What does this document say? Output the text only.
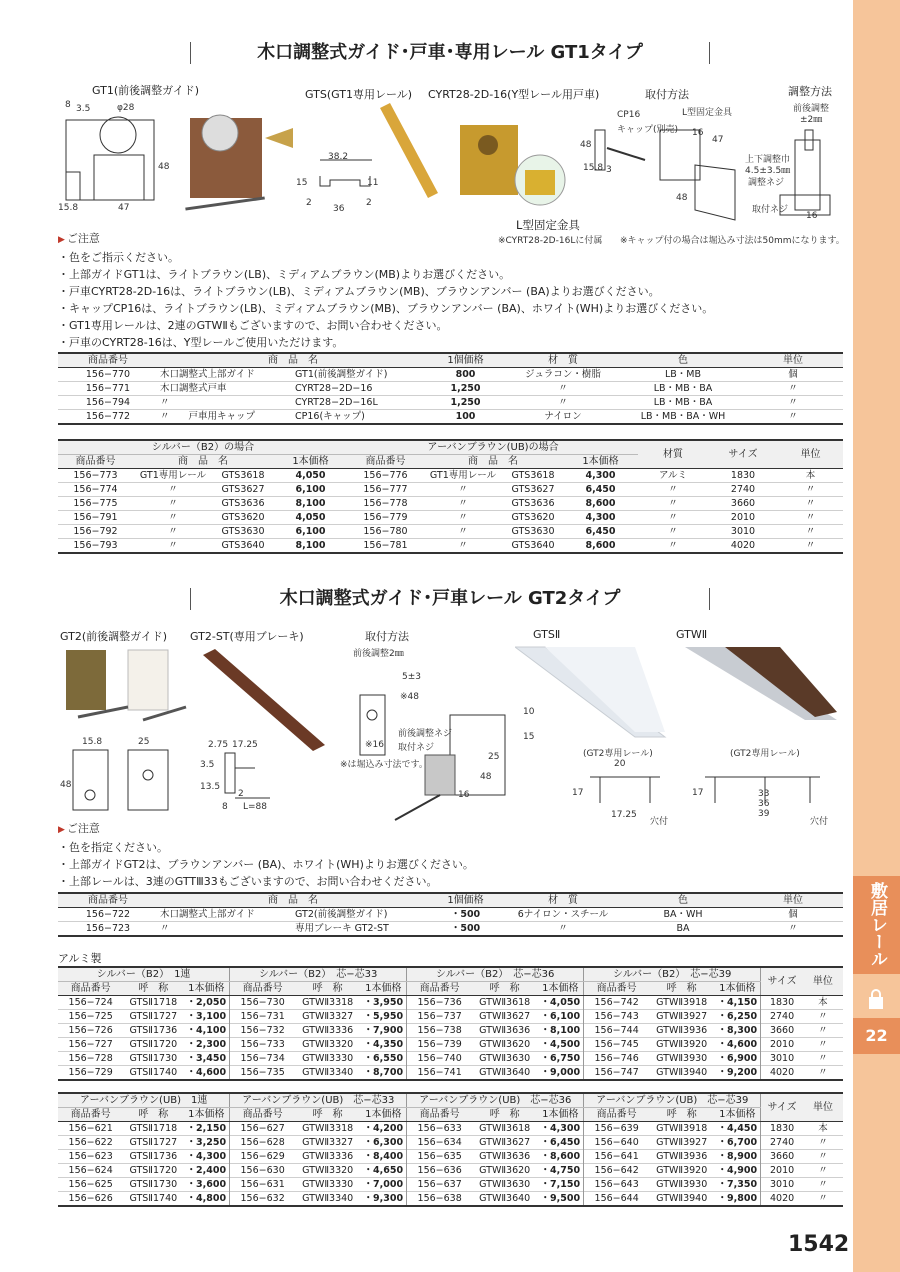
敷居レール
22
木口調整式ガイド･戸車･専用レール GT1タイプ
GT1(前後調整ガイド)	GTS(GT1専用レール) CYRT28-2D-16(Y型レール用戸車)	取付方法	調整方法
8 3.5	φ28
48
15.8	47
38.2
15	11
2
36
2
L型固定金具
※CYRT28-2D-16Lに付属
CP16
キャップ(別売)
L型固定金具
48
15.8 3
16
47
48
前後調整
±2㎜
上下調整巾
4.5±3.5㎜
調整ネジ
取付ネジ
16
※キャップ付の場合は堀込み寸法は50mmになります。
▶ ご注意
・色をご指示ください。
・上部ガイドGT1は、ライトブラウン(LB)、ミディアムブラウン(MB)よりお選びください。
・戸車CYRT28-2D-16は、ライトブラウン(LB)、ミディアムブラウン(MB)、ブラウンアンバー (BA)よりお選びください。
・キャップCP16は、ライトブラウン(LB)、ミディアムブラウン(MB)、ブラウンアンバー (BA)、ホワイト(WH)よりお選びください。
・GT1専用レールは、2連のGTWⅡもございますので、お問い合わせください。
・戸車のCYRT28-16は、Y型レールご使用いただけます。
商品番号	商　品　名		1個価格	材　質	色	単位
156−770	木口調整式上部ガイド	GT1(前後調整ガイド)	800	ジュラコン・樹脂	LB・MB	個
156−771	木口調整式戸車	CYRT28−2D−16	1,250	〃	LB・MB・BA	〃
156−794	〃	CYRT28−2D−16L	1,250	〃	LB・MB・BA	〃
156−772	〃　　戸車用キャップ	CP16(キャップ)	100	ナイロン	LB・MB・BA・WH	〃
シルバー（B2）の場合				アーバンブラウン(UB)の場合				材質	サイズ	単位
商品番号	商　品　名		1本価格	商品番号	商　品　名		1本価格			
156−773	GT1専用レール	GTS3618	4,050	156−776	GT1専用レール	GTS3618	4,300	アルミ	1830	本
156−774	〃	GTS3627	6,100	156−777	〃	GTS3627	6,450	〃	2740	〃
156−775	〃	GTS3636	8,100	156−778	〃	GTS3636	8,600	〃	3660	〃
156−791	〃	GTS3620	4,050	156−779	〃	GTS3620	4,300	〃	2010	〃
156−792	〃	GTS3630	6,100	156−780	〃	GTS3630	6,450	〃	3010	〃
156−793	〃	GTS3640	8,100	156−781	〃	GTS3640	8,600	〃	4020	〃
木口調整式ガイド･戸車レール GT2タイプ
GT2(前後調整ガイド) GT2-ST(専用ブレーキ)	取付方法	GTSⅡ	GTWⅡ
15.8	25
48
2.75 17.25
3.5
13.5
2
8 L=88
前後調整2㎜
5±3
※48
前後調整ネジ
※16 取付ネジ
※は堀込み寸法です。
10
15
25
48
16
(GT2専用レール)	(GT2専用レール)
20
17
17.25
穴付
17	33
36
39
穴付
▶ ご注意
・色を指定ください。
・上部ガイドGT2は、ブラウンアンバー (BA)、ホワイト(WH)よりお選びください。
・上部レールは、3連のGTTⅢ33もございますので、お問い合わせください。
商品番号	商　品　名		1個価格	材　質	色	単位
156−722	木口調整式上部ガイド	GT2(前後調整ガイド)	・500	6ナイロン・スチール	BA・WH	個
156−723	〃	専用ブレーキ GT2-ST	・500	〃	BA	〃
アルミ製
シルバー（B2）　1連			シルバー（B2）　芯−芯33			シルバー（B2）　芯−芯36			シルバー（B2）　芯−芯39			サイズ	単位
商品番号	呼　称	1本価格	商品番号	呼　称	1本価格	商品番号	呼　称	1本価格	商品番号	呼　称	1本価格		
156−724	GTSⅡ1718	・2,050	156−730	GTWⅡ3318	・3,950	156−736	GTWⅡ3618	・4,050	156−742	GTWⅡ3918	・4,150	1830	本
156−725	GTSⅡ1727	・3,100	156−731	GTWⅡ3327	・5,950	156−737	GTWⅡ3627	・6,100	156−743	GTWⅡ3927	・6,250	2740	〃
156−726	GTSⅡ1736	・4,100	156−732	GTWⅡ3336	・7,900	156−738	GTWⅡ3636	・8,100	156−744	GTWⅡ3936	・8,300	3660	〃
156−727	GTSⅡ1720	・2,300	156−733	GTWⅡ3320	・4,350	156−739	GTWⅡ3620	・4,500	156−745	GTWⅡ3920	・4,600	2010	〃
156−728	GTSⅡ1730	・3,450	156−734	GTWⅡ3330	・6,550	156−740	GTWⅡ3630	・6,750	156−746	GTWⅡ3930	・6,900	3010	〃
156−729	GTSⅡ1740	・4,600	156−735	GTWⅡ3340	・8,700	156−741	GTWⅡ3640	・9,000	156−747	GTWⅡ3940	・9,200	4020	〃
アーバンブラウン(UB)　1連			アーバンブラウン(UB)　芯−芯33			アーバンブラウン(UB)　芯−芯36			アーバンブラウン(UB)　芯−芯39			サイズ	単位
商品番号	呼　称	1本価格	商品番号	呼　称	1本価格	商品番号	呼　称	1本価格	商品番号	呼　称	1本価格		
156−621	GTSⅡ1718	・2,150	156−627	GTWⅡ3318	・4,200	156−633	GTWⅡ3618	・4,300	156−639	GTWⅡ3918	・4,450	1830	本
156−622	GTSⅡ1727	・3,250	156−628	GTWⅡ3327	・6,300	156−634	GTWⅡ3627	・6,450	156−640	GTWⅡ3927	・6,700	2740	〃
156−623	GTSⅡ1736	・4,300	156−629	GTWⅡ3336	・8,400	156−635	GTWⅡ3636	・8,600	156−641	GTWⅡ3936	・8,900	3660	〃
156−624	GTSⅡ1720	・2,400	156−630	GTWⅡ3320	・4,650	156−636	GTWⅡ3620	・4,750	156−642	GTWⅡ3920	・4,900	2010	〃
156−625	GTSⅡ1730	・3,600	156−631	GTWⅡ3330	・7,000	156−637	GTWⅡ3630	・7,150	156−643	GTWⅡ3930	・7,350	3010	〃
156−626	GTSⅡ1740	・4,800	156−632	GTWⅡ3340	・9,300	156−638	GTWⅡ3640	・9,500	156−644	GTWⅡ3940	・9,800	4020	〃
1542
